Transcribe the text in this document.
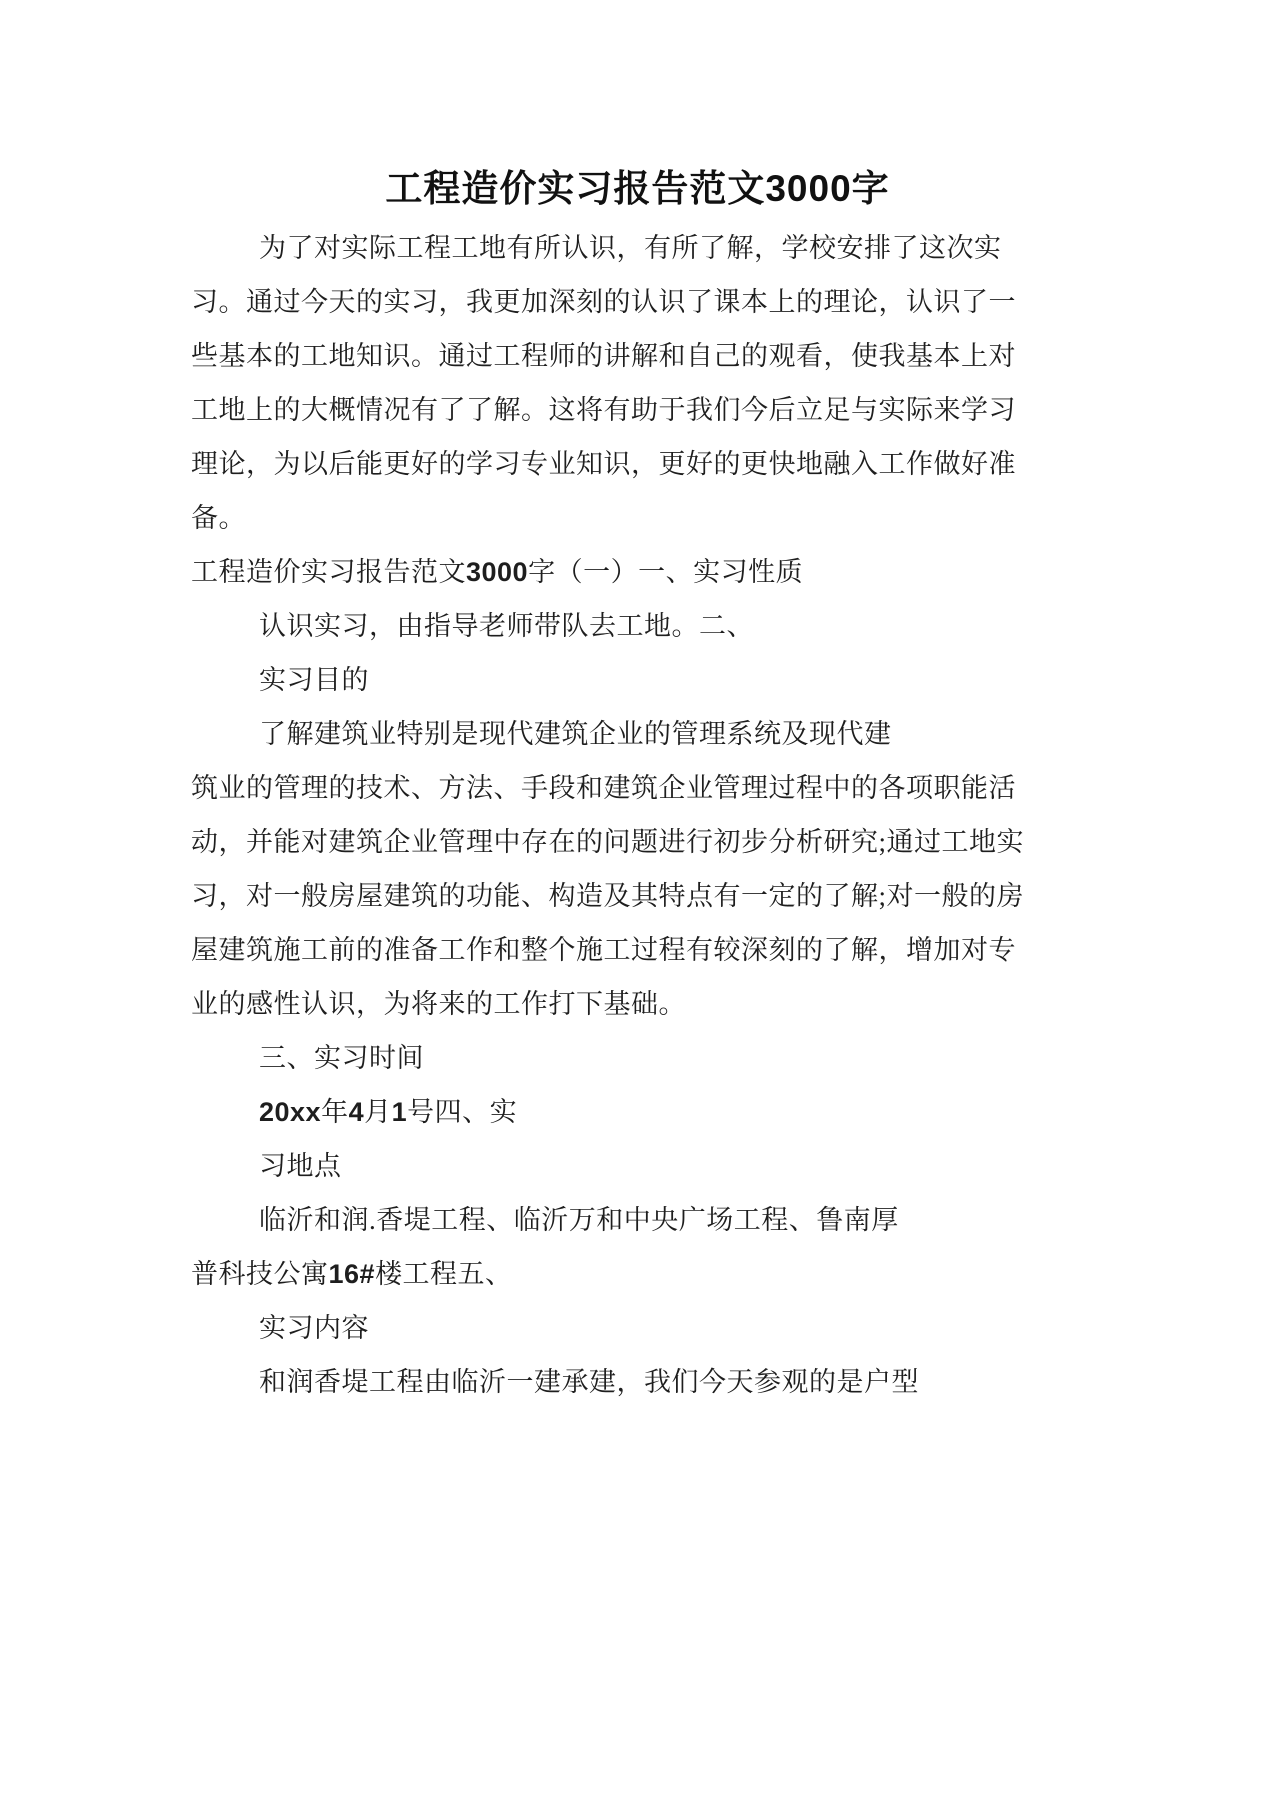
工程造价实习报告范文3000字
为了对实际工程工地有所认识，有所了解，学校安排了这次实
习。通过今天的实习，我更加深刻的认识了课本上的理论，认识了一
些基本的工地知识。通过工程师的讲解和自己的观看，使我基本上对
工地上的大概情况有了了解。这将有助于我们今后立足与实际来学习
理论，为以后能更好的学习专业知识，更好的更快地融入工作做好准
备。
工程造价实习报告范文3000字（一）一、实习性质
认识实习，由指导老师带队去工地。二、
实习目的
了解建筑业特别是现代建筑企业的管理系统及现代建
筑业的管理的技术、方法、手段和建筑企业管理过程中的各项职能活
动，并能对建筑企业管理中存在的问题进行初步分析研究;通过工地实
习，对一般房屋建筑的功能、构造及其特点有一定的了解;对一般的房
屋建筑施工前的准备工作和整个施工过程有较深刻的了解，增加对专
业的感性认识，为将来的工作打下基础。
三、实习时间
20xx年4月1号四、实
习地点
临沂和润.香堤工程、临沂万和中央广场工程、鲁南厚
普科技公寓16#楼工程五、
实习内容
和润香堤工程由临沂一建承建，我们今天参观的是户型
